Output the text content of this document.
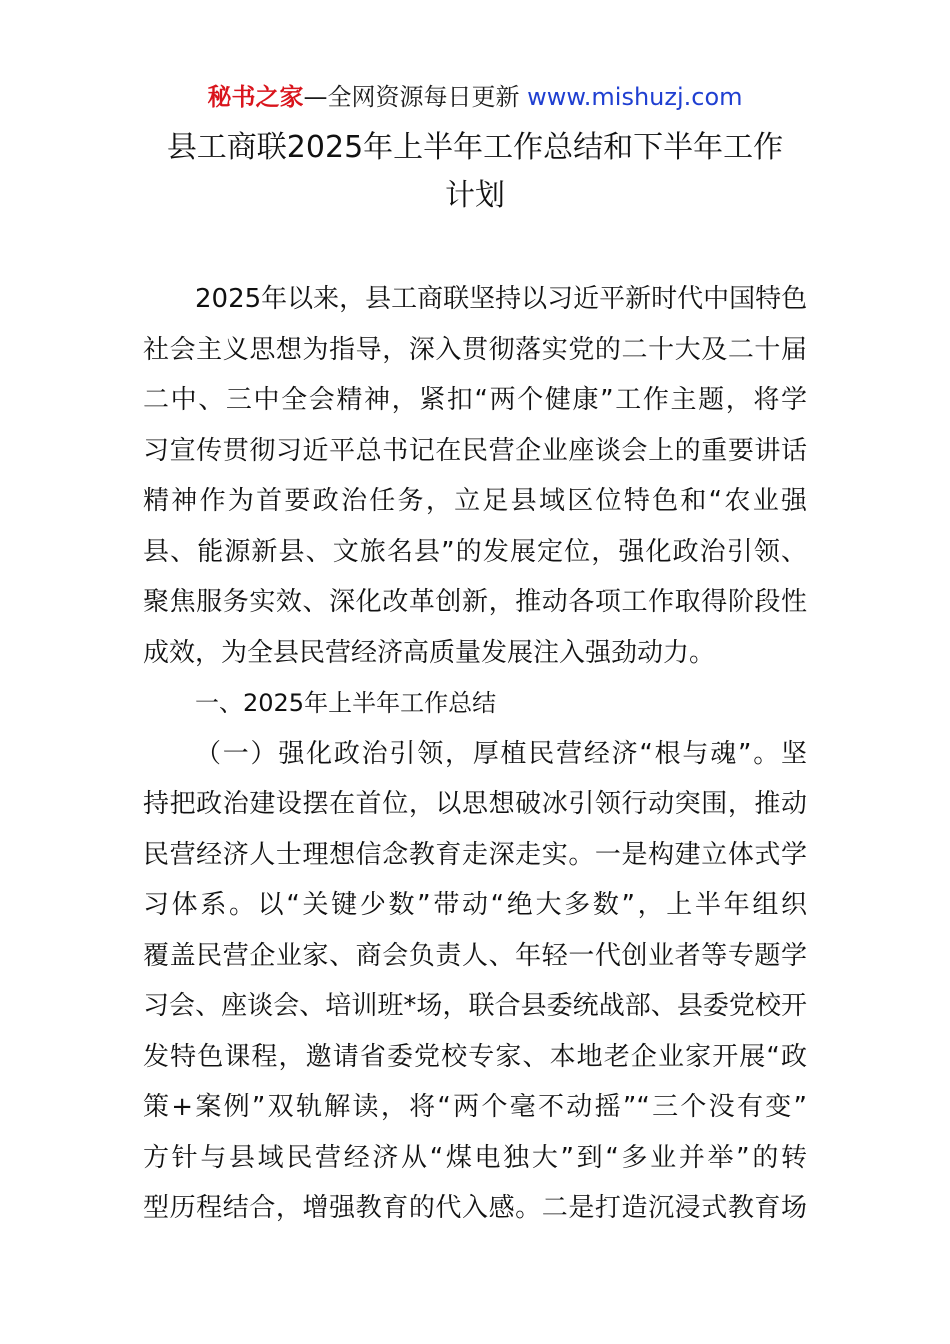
秘书之家—全网资源每日更新 www.mishuzj.com
县工商联2025年上半年工作总结和下半年工作
计划
2025年以来，县工商联坚持以习近平新时代中国特色
社会主义思想为指导，深入贯彻落实党的二十大及二十届
二中、三中全会精神，紧扣“两个健康”工作主题，将学
习宣传贯彻习近平总书记在民营企业座谈会上的重要讲话
精神作为首要政治任务，立足县域区位特色和“农业强
县、能源新县、文旅名县”的发展定位，强化政治引领、
聚焦服务实效、深化改革创新，推动各项工作取得阶段性
成效，为全县民营经济高质量发展注入强劲动力。
一、2025年上半年工作总结
（一）强化政治引领，厚植民营经济“根与魂”。坚
持把政治建设摆在首位，以思想破冰引领行动突围，推动
民营经济人士理想信念教育走深走实。一是构建立体式学
习体系。以“关键少数”带动“绝大多数”，上半年组织
覆盖民营企业家、商会负责人、年轻一代创业者等专题学
习会、座谈会、培训班*场，联合县委统战部、县委党校开
发特色课程，邀请省委党校专家、本地老企业家开展“政
策+案例”双轨解读，将“两个毫不动摇”“三个没有变”
方针与县域民营经济从“煤电独大”到“多业并举”的转
型历程结合，增强教育的代入感。二是打造沉浸式教育场
